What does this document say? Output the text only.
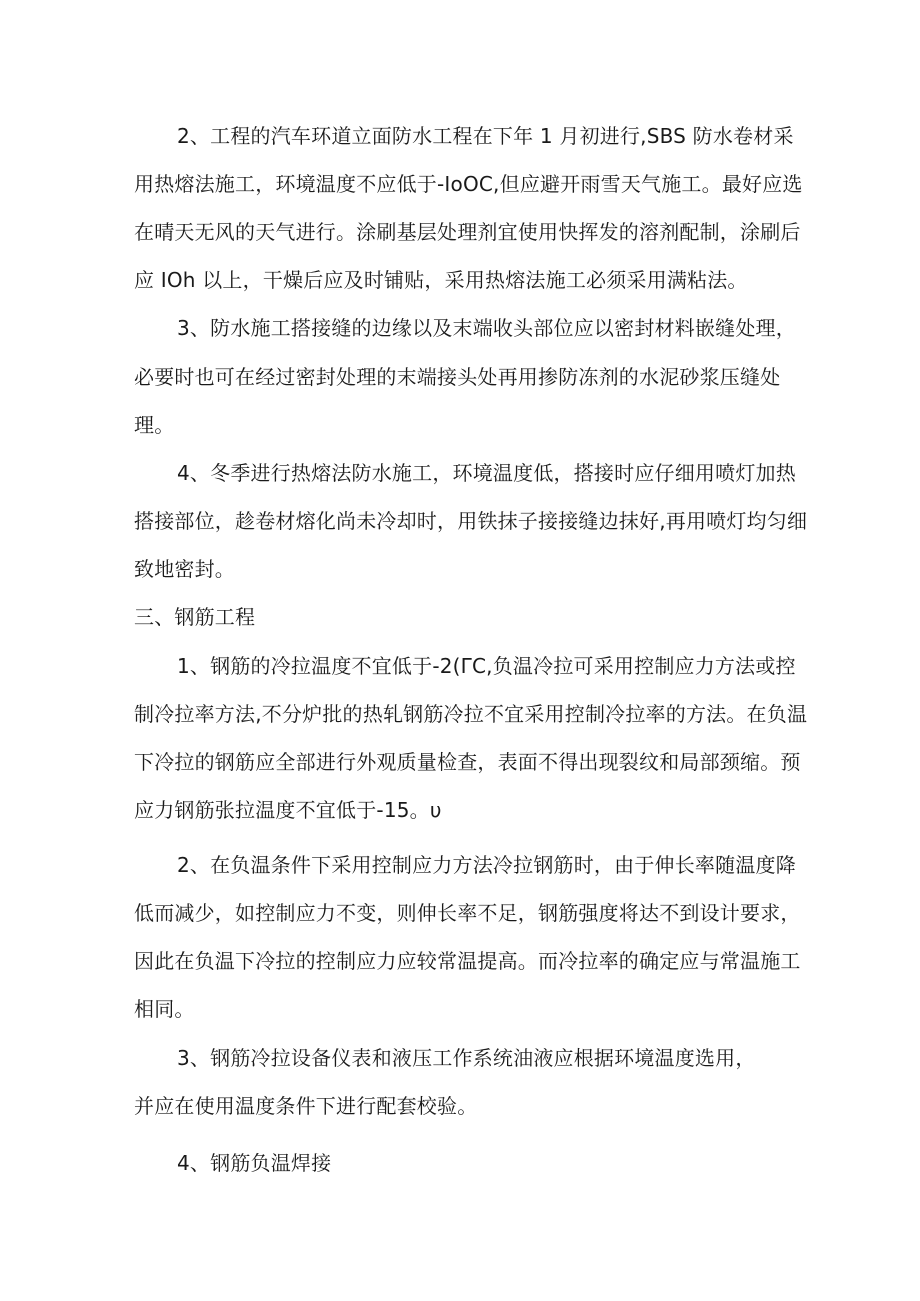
2、工程的汽车环道立面防水工程在下年 1 月初进行,SBS 防水卷材采
用热熔法施工，环境温度不应低于-IoOC,但应避开雨雪天气施工。最好应选
在晴天无风的天气进行。涂刷基层处理剂宜使用快挥发的溶剂配制，涂刷后
应 IOh 以上，干燥后应及时铺贴，采用热熔法施工必须采用满粘法。
3、防水施工搭接缝的边缘以及末端收头部位应以密封材料嵌缝处理，
必要时也可在经过密封处理的末端接头处再用掺防冻剂的水泥砂浆压缝处
理。
4、冬季进行热熔法防水施工，环境温度低，搭接时应仔细用喷灯加热
搭接部位，趁卷材熔化尚未冷却时，用铁抹子接接缝边抹好,再用喷灯均匀细
致地密封。
三、钢筋工程
1、钢筋的冷拉温度不宜低于-2(ΓC,负温冷拉可采用控制应力方法或控
制冷拉率方法,不分炉批的热轧钢筋冷拉不宜采用控制冷拉率的方法。在负温
下冷拉的钢筋应全部进行外观质量检查，表面不得出现裂纹和局部颈缩。预
应力钢筋张拉温度不宜低于-15。υ
2、在负温条件下采用控制应力方法冷拉钢筋时，由于伸长率随温度降
低而减少，如控制应力不变，则伸长率不足，钢筋强度将达不到设计要求，
因此在负温下冷拉的控制应力应较常温提高。而冷拉率的确定应与常温施工
相同。
3、钢筋冷拉设备仪表和液压工作系统油液应根据环境温度选用，
并应在使用温度条件下进行配套校验。
4、钢筋负温焊接
